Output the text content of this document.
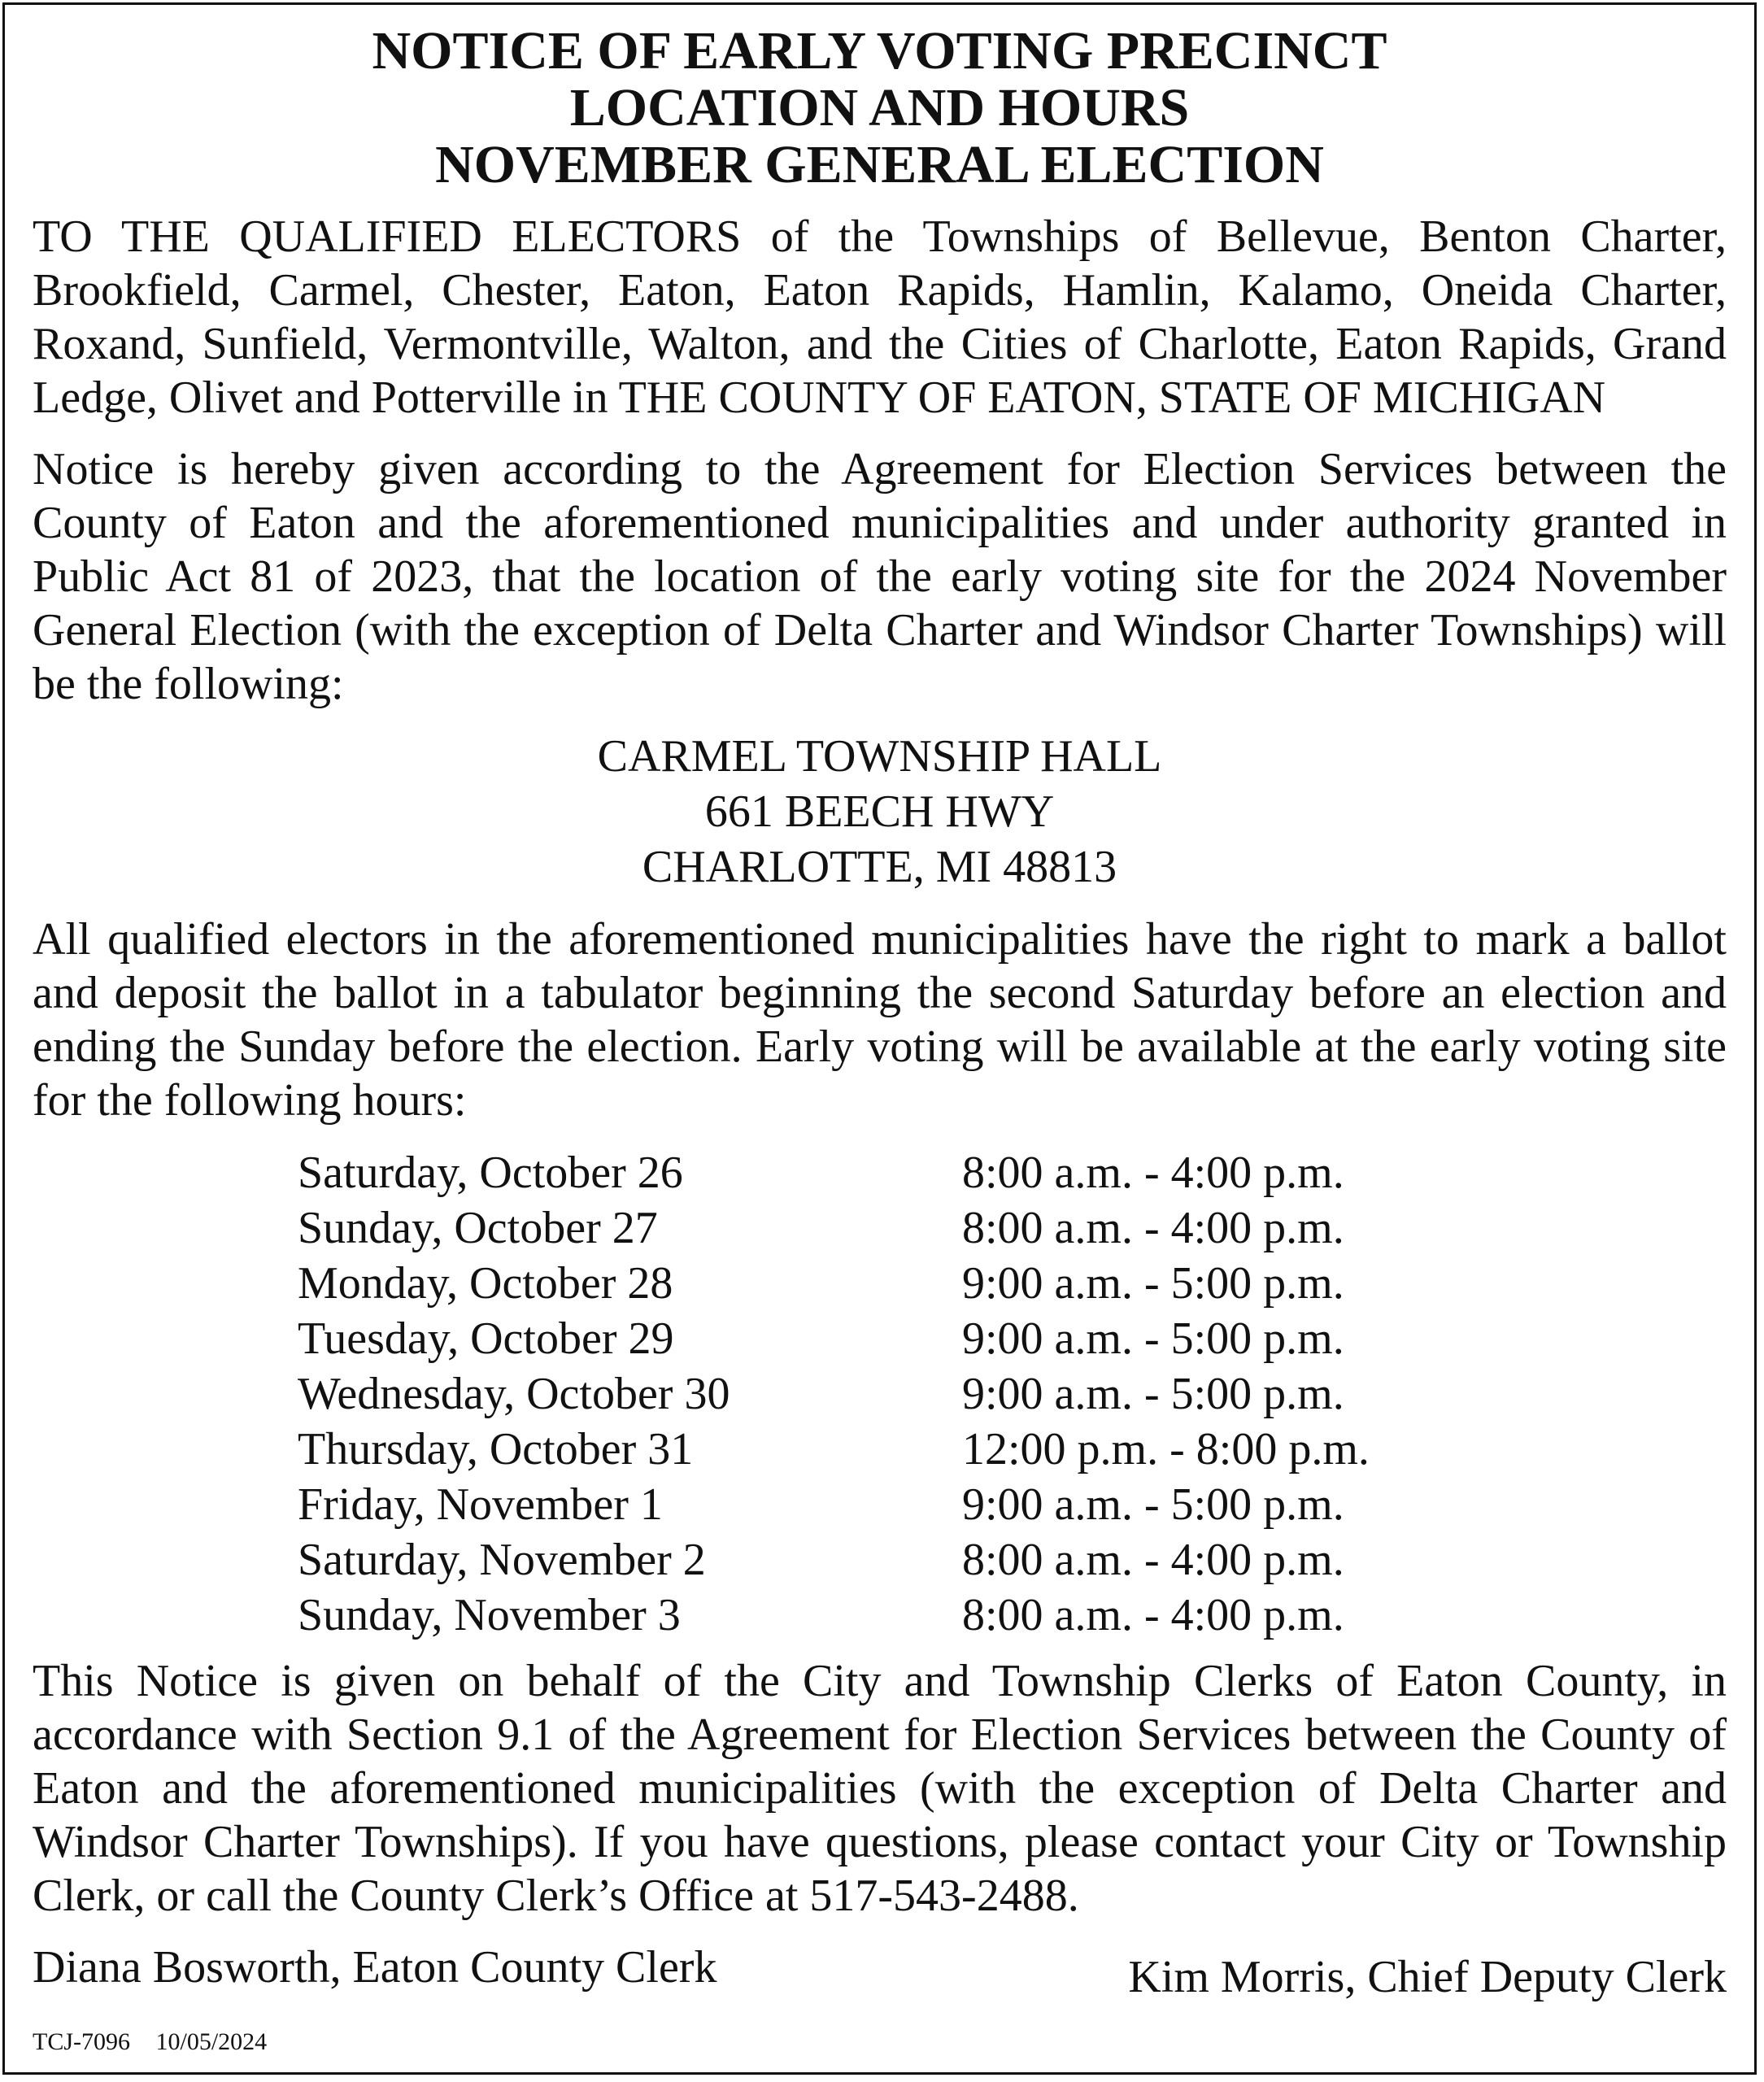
NOTICE OF EARLY VOTING PRECINCT
LOCATION AND HOURS
NOVEMBER GENERAL ELECTION

TO THE QUALIFIED ELECTORS of the Townships of Bellevue, Benton Charter, Brookfield, Carmel, Chester, Eaton, Eaton Rapids, Hamlin, Kalamo, Oneida Charter, Roxand, Sunfield, Vermontville, Walton, and the Cities of Charlotte, Eaton Rapids, Grand Ledge, Olivet and Potterville in THE COUNTY OF EATON, STATE OF MICHIGAN

Notice is hereby given according to the Agreement for Election Services between the County of Eaton and the aforementioned municipalities and under authority granted in Public Act 81 of 2023, that the location of the early voting site for the 2024 November General Election (with the exception of Delta Charter and Windsor Charter Townships) will be the following:

CARMEL TOWNSHIP HALL
661 BEECH HWY
CHARLOTTE, MI 48813

All qualified electors in the aforementioned municipalities have the right to mark a ballot and deposit the ballot in a tabulator beginning the second Saturday before an election and ending the Sunday before the election. Early voting will be available at the early voting site for the following hours:

Saturday, October 26	8:00 a.m. - 4:00 p.m.
Sunday, October 27	8:00 a.m. - 4:00 p.m.
Monday, October 28	9:00 a.m. - 5:00 p.m.
Tuesday, October 29	9:00 a.m. - 5:00 p.m.
Wednesday, October 30	9:00 a.m. - 5:00 p.m.
Thursday, October 31	12:00 p.m. - 8:00 p.m.
Friday, November 1	9:00 a.m. - 5:00 p.m.
Saturday, November 2	8:00 a.m. - 4:00 p.m.
Sunday, November 3	8:00 a.m. - 4:00 p.m.

This Notice is given on behalf of the City and Township Clerks of Eaton County, in accordance with Section 9.1 of the Agreement for Election Services between the County of Eaton and the aforementioned municipalities (with the exception of Delta Charter and Windsor Charter Townships). If you have questions, please contact your City or Township Clerk, or call the County Clerk’s Office at 517-543-2488.

Diana Bosworth, Eaton County Clerk	Kim Morris, Chief Deputy Clerk
TCJ-7096 10/05/2024
